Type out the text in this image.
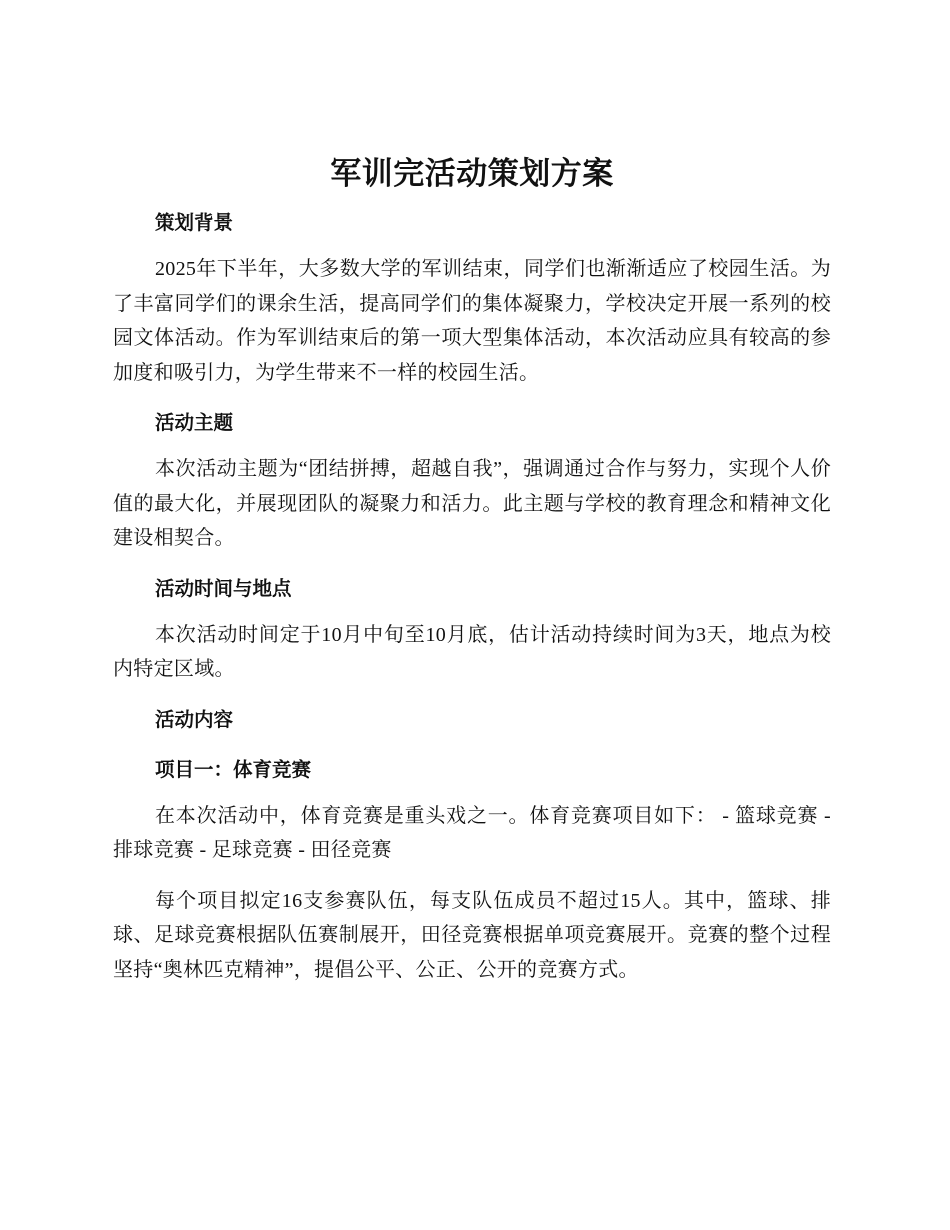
军训完活动策划方案
策划背景

2025年下半年，大多数大学的军训结束，同学们也渐渐适应了校园生活。为了丰富同学们的课余生活，提高同学们的集体凝聚力，学校决定开展一系列的校园文体活动。作为军训结束后的第一项大型集体活动，本次活动应具有较高的参加度和吸引力，为学生带来不一样的校园生活。

活动主题

本次活动主题为“团结拼搏，超越自我”，强调通过合作与努力，实现个人价值的最大化，并展现团队的凝聚力和活力。此主题与学校的教育理念和精神文化建设相契合。

活动时间与地点

本次活动时间定于10月中旬至10月底，估计活动持续时间为3天，地点为校内特定区域。

活动内容
项目一：体育竞赛

在本次活动中，体育竞赛是重头戏之一。体育竞赛项目如下： - 篮球竞赛 - 排球竞赛 - 足球竞赛 - 田径竞赛

每个项目拟定16支参赛队伍，每支队伍成员不超过15人。其中，篮球、排球、足球竞赛根据队伍赛制展开，田径竞赛根据单项竞赛展开。竞赛的整个过程坚持“奥林匹克精神”，提倡公平、公正、公开的竞赛方式。
